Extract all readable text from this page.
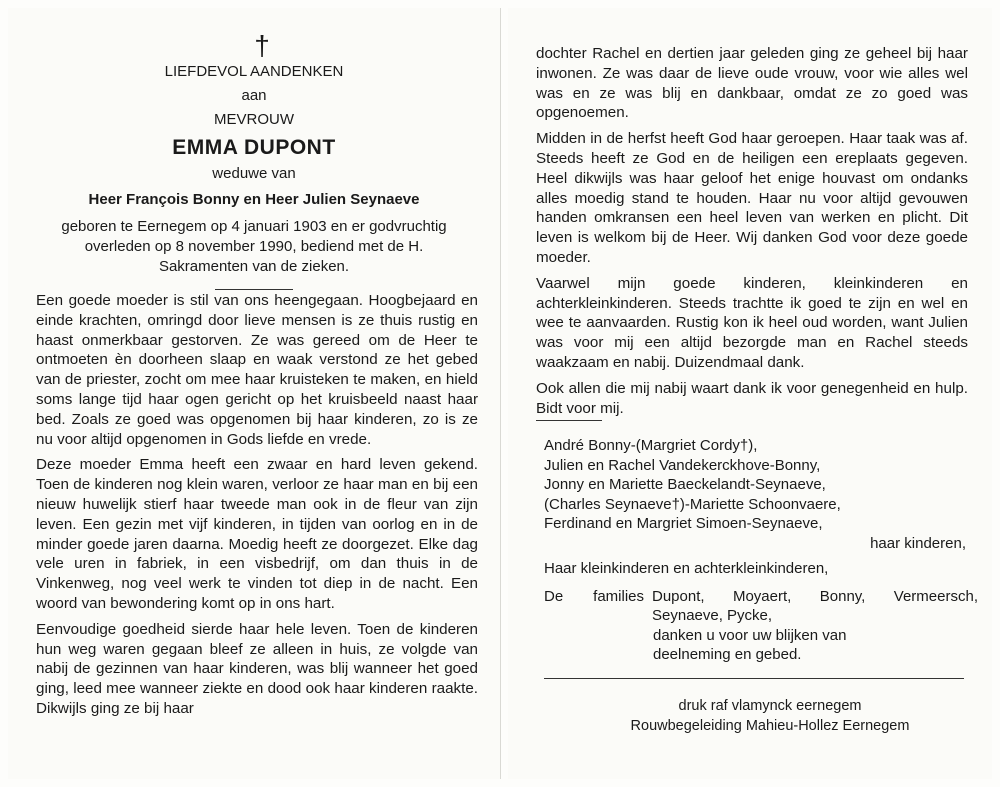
†
LIEFDEVOL AANDENKEN
aan
MEVROUW
EMMA DUPONT
weduwe van
Heer François Bonny en Heer Julien Seynaeve
geboren te Eernegem op 4 januari 1903 en er godvruchtig overleden op 8 november 1990, bediend met de H. Sakramenten van de zieken.

Een goede moeder is stil van ons heengegaan. Hoogbejaard en einde krachten, omringd door lieve mensen is ze thuis rustig en haast onmerkbaar gestorven. Ze was gereed om de Heer te ontmoeten èn doorheen slaap en waak verstond ze het gebed van de priester, zocht om mee haar kruisteken te maken, en hield soms lange tijd haar ogen gericht op het kruisbeeld naast haar bed. Zoals ze goed was opgenomen bij haar kinderen, zo is ze nu voor altijd opgenomen in Gods liefde en vrede.

Deze moeder Emma heeft een zwaar en hard leven gekend. Toen de kinderen nog klein waren, verloor ze haar man en bij een nieuw huwelijk stierf haar tweede man ook in de fleur van zijn leven. Een gezin met vijf kinderen, in tijden van oorlog en in de minder goede jaren daarna. Moedig heeft ze doorgezet. Elke dag vele uren in fabriek, in een visbedrijf, om dan thuis in de Vinkenweg, nog veel werk te vinden tot diep in de nacht. Een woord van bewondering komt op in ons hart.

Eenvoudige goedheid sierde haar hele leven. Toen de kinderen hun weg waren gegaan bleef ze alleen in huis, ze volgde van nabij de gezinnen van haar kinderen, was blij wanneer het goed ging, leed mee wanneer ziekte en dood ook haar kinderen raakte. Dikwijls ging ze bij haar

dochter Rachel en dertien jaar geleden ging ze geheel bij haar inwonen. Ze was daar de lieve oude vrouw, voor wie alles wel was en ze was blij en dankbaar, omdat ze zo goed was opgenoemen.

Midden in de herfst heeft God haar geroepen. Haar taak was af. Steeds heeft ze God en de heiligen een ereplaats gegeven. Heel dikwijls was haar geloof het enige houvast om ondanks alles moedig stand te houden. Haar nu voor altijd gevouwen handen omkransen een heel leven van werken en plicht. Dit leven is welkom bij de Heer. Wij danken God voor deze goede moeder.

Vaarwel mijn goede kinderen, kleinkinderen en achterkleinkinderen. Steeds trachtte ik goed te zijn en wel en wee te aanvaarden. Rustig kon ik heel oud worden, want Julien was voor mij een altijd bezorgde man en Rachel steeds waakzaam en nabij. Duizendmaal dank.

Ook allen die mij nabij waart dank ik voor genegenheid en hulp. Bidt voor mij.

André Bonny-(Margriet Cordy†),
Julien en Rachel Vandekerckhove-Bonny,
Jonny en Mariette Baeckelandt-Seynaeve,
(Charles Seynaeve†)-Mariette Schoonvaere,
Ferdinand en Margriet Simoen-Seynaeve,
haar kinderen,
Haar kleinkinderen en achterkleinkinderen,
De families Dupont, Moyaert, Bonny, Vermeersch,
Seynaeve, Pycke,
danken u voor uw blijken van
deelneming en gebed.
druk raf vlamynck eernegem
Rouwbegeleiding Mahieu-Hollez Eernegem
